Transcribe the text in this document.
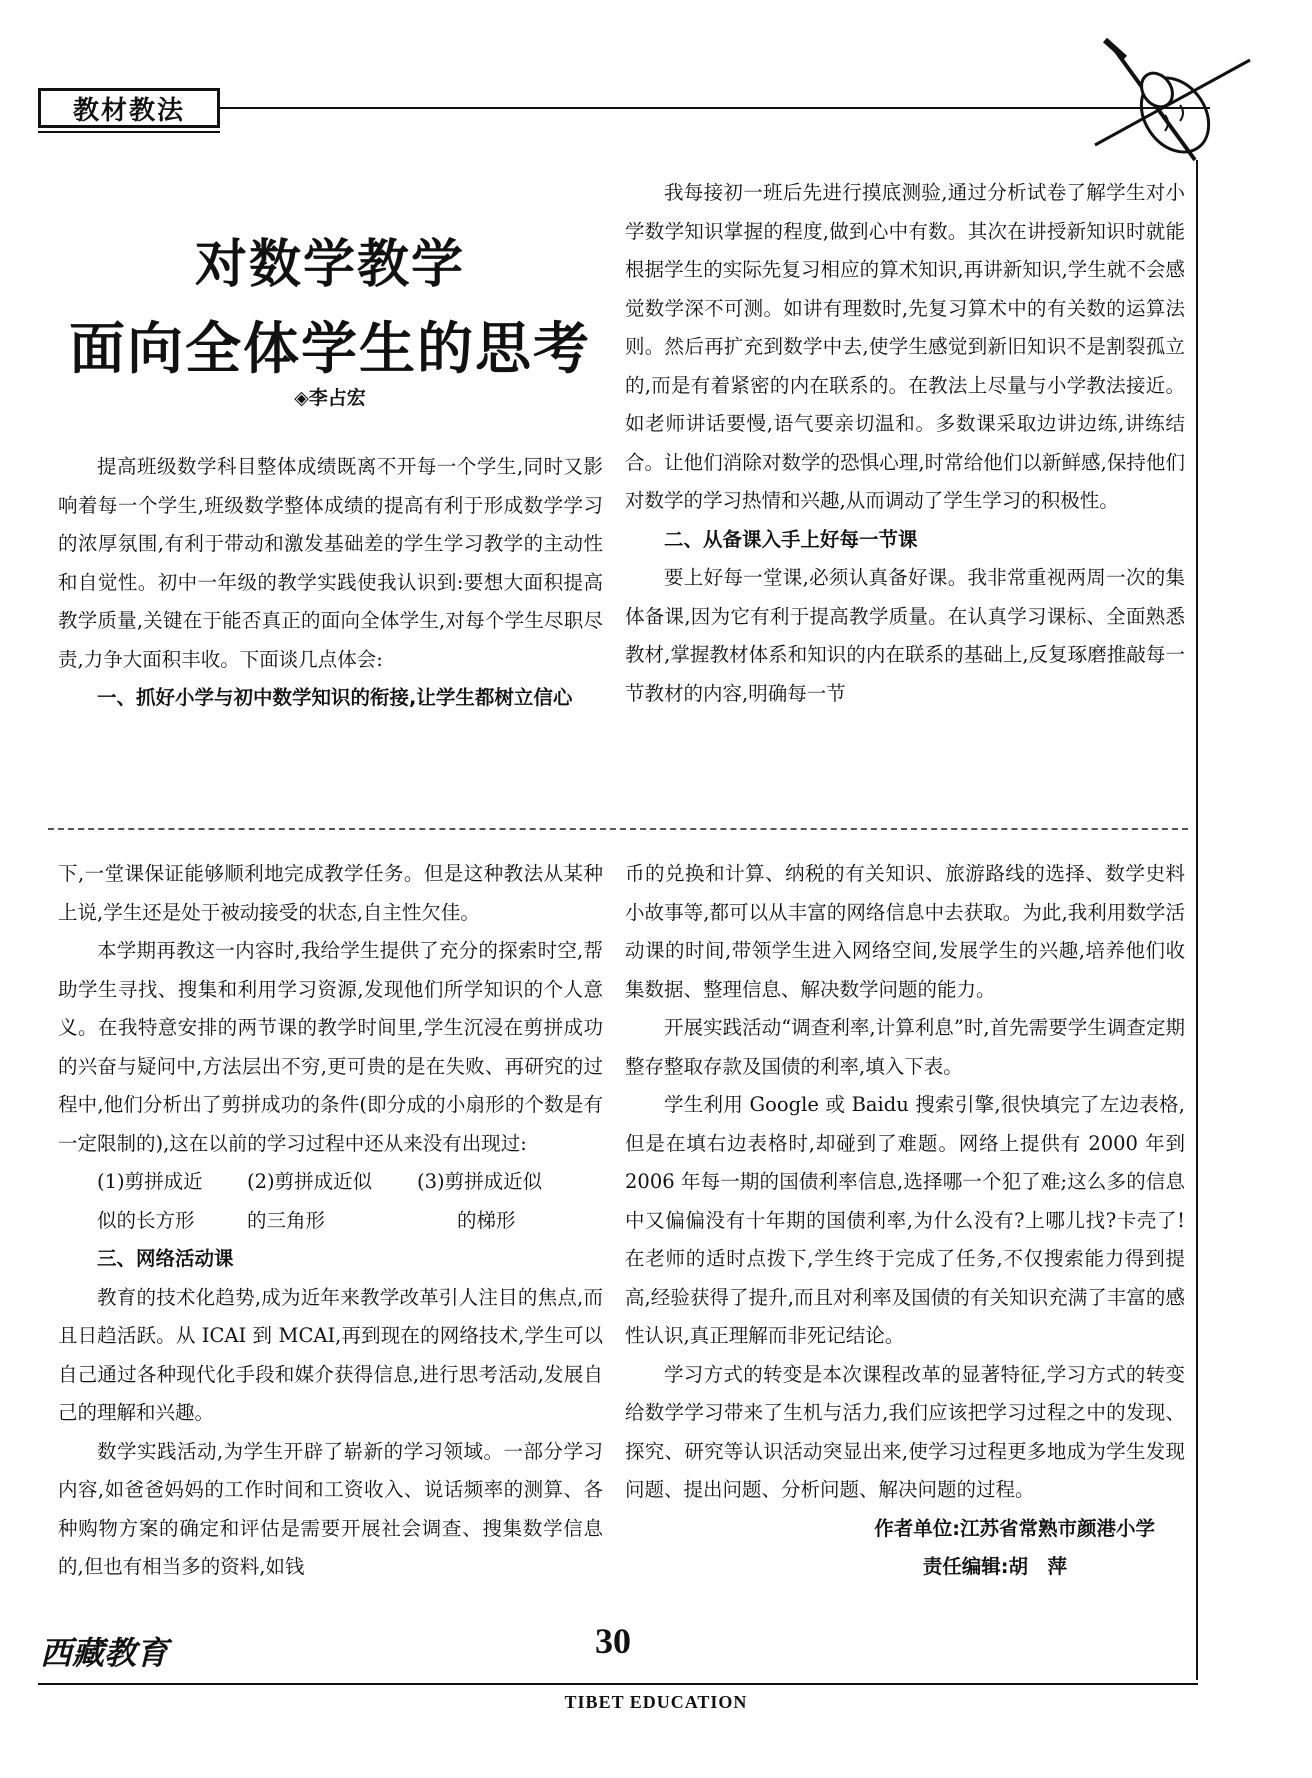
教材教法
对数学教学
面向全体学生的思考
◈李占宏

提高班级数学科目整体成绩既离不开每一个学生,同时又影响着每一个学生,班级数学整体成绩的提高有利于形成数学学习的浓厚氛围,有利于带动和激发基础差的学生学习教学的主动性和自觉性。初中一年级的教学实践使我认识到:要想大面积提高教学质量,关键在于能否真正的面向全体学生,对每个学生尽职尽责,力争大面积丰收。下面谈几点体会:

一、抓好小学与初中数学知识的衔接,让学生都树立信心

我每接初一班后先进行摸底测验,通过分析试卷了解学生对小学数学知识掌握的程度,做到心中有数。其次在讲授新知识时就能根据学生的实际先复习相应的算术知识,再讲新知识,学生就不会感觉数学深不可测。如讲有理数时,先复习算术中的有关数的运算法则。然后再扩充到数学中去,使学生感觉到新旧知识不是割裂孤立的,而是有着紧密的内在联系的。在教法上尽量与小学教法接近。如老师讲话要慢,语气要亲切温和。多数课采取边讲边练,讲练结合。让他们消除对数学的恐惧心理,时常给他们以新鲜感,保持他们对数学的学习热情和兴趣,从而调动了学生学习的积极性。

二、从备课入手上好每一节课

要上好每一堂课,必须认真备好课。我非常重视两周一次的集体备课,因为它有利于提高教学质量。在认真学习课标、全面熟悉教材,掌握教材体系和知识的内在联系的基础上,反复琢磨推敲每一节教材的内容,明确每一节

下,一堂课保证能够顺利地完成教学任务。但是这种教法从某种上说,学生还是处于被动接受的状态,自主性欠佳。

本学期再教这一内容时,我给学生提供了充分的探索时空,帮助学生寻找、搜集和利用学习资源,发现他们所学知识的个人意义。在我特意安排的两节课的教学时间里,学生沉浸在剪拼成功的兴奋与疑问中,方法层出不穷,更可贵的是在失败、再研究的过程中,他们分析出了剪拼成功的条件(即分成的小扇形的个数是有一定限制的),这在以前的学习过程中还从来没有出现过:

(1)剪拼成近	(2)剪拼成近似	(3)剪拼成近似
似的长方形	的三角形	的梯形

三、网络活动课

教育的技术化趋势,成为近年来教学改革引人注目的焦点,而且日趋活跃。从 ICAI 到 MCAI,再到现在的网络技术,学生可以自己通过各种现代化手段和媒介获得信息,进行思考活动,发展自己的理解和兴趣。

数学实践活动,为学生开辟了崭新的学习领域。一部分学习内容,如爸爸妈妈的工作时间和工资收入、说话频率的测算、各种购物方案的确定和评估是需要开展社会调查、搜集数学信息的,但也有相当多的资料,如钱

币的兑换和计算、纳税的有关知识、旅游路线的选择、数学史料小故事等,都可以从丰富的网络信息中去获取。为此,我利用数学活动课的时间,带领学生进入网络空间,发展学生的兴趣,培养他们收集数据、整理信息、解决数学问题的能力。

开展实践活动“调查利率,计算利息”时,首先需要学生调查定期整存整取存款及国债的利率,填入下表。

学生利用 Google 或 Baidu 搜索引擎,很快填完了左边表格,但是在填右边表格时,却碰到了难题。网络上提供有 2000 年到 2006 年每一期的国债利率信息,选择哪一个犯了难;这么多的信息中又偏偏没有十年期的国债利率,为什么没有?上哪儿找?卡壳了!在老师的适时点拨下,学生终于完成了任务,不仅搜索能力得到提高,经验获得了提升,而且对利率及国债的有关知识充满了丰富的感性认识,真正理解而非死记结论。

学习方式的转变是本次课程改革的显著特征,学习方式的转变给数学学习带来了生机与活力,我们应该把学习过程之中的发现、探究、研究等认识活动突显出来,使学习过程更多地成为学生发现问题、提出问题、分析问题、解决问题的过程。

作者单位:江苏省常熟市颜港小学

责任编辑:胡　萍

西藏教育	30
TIBET EDUCATION
